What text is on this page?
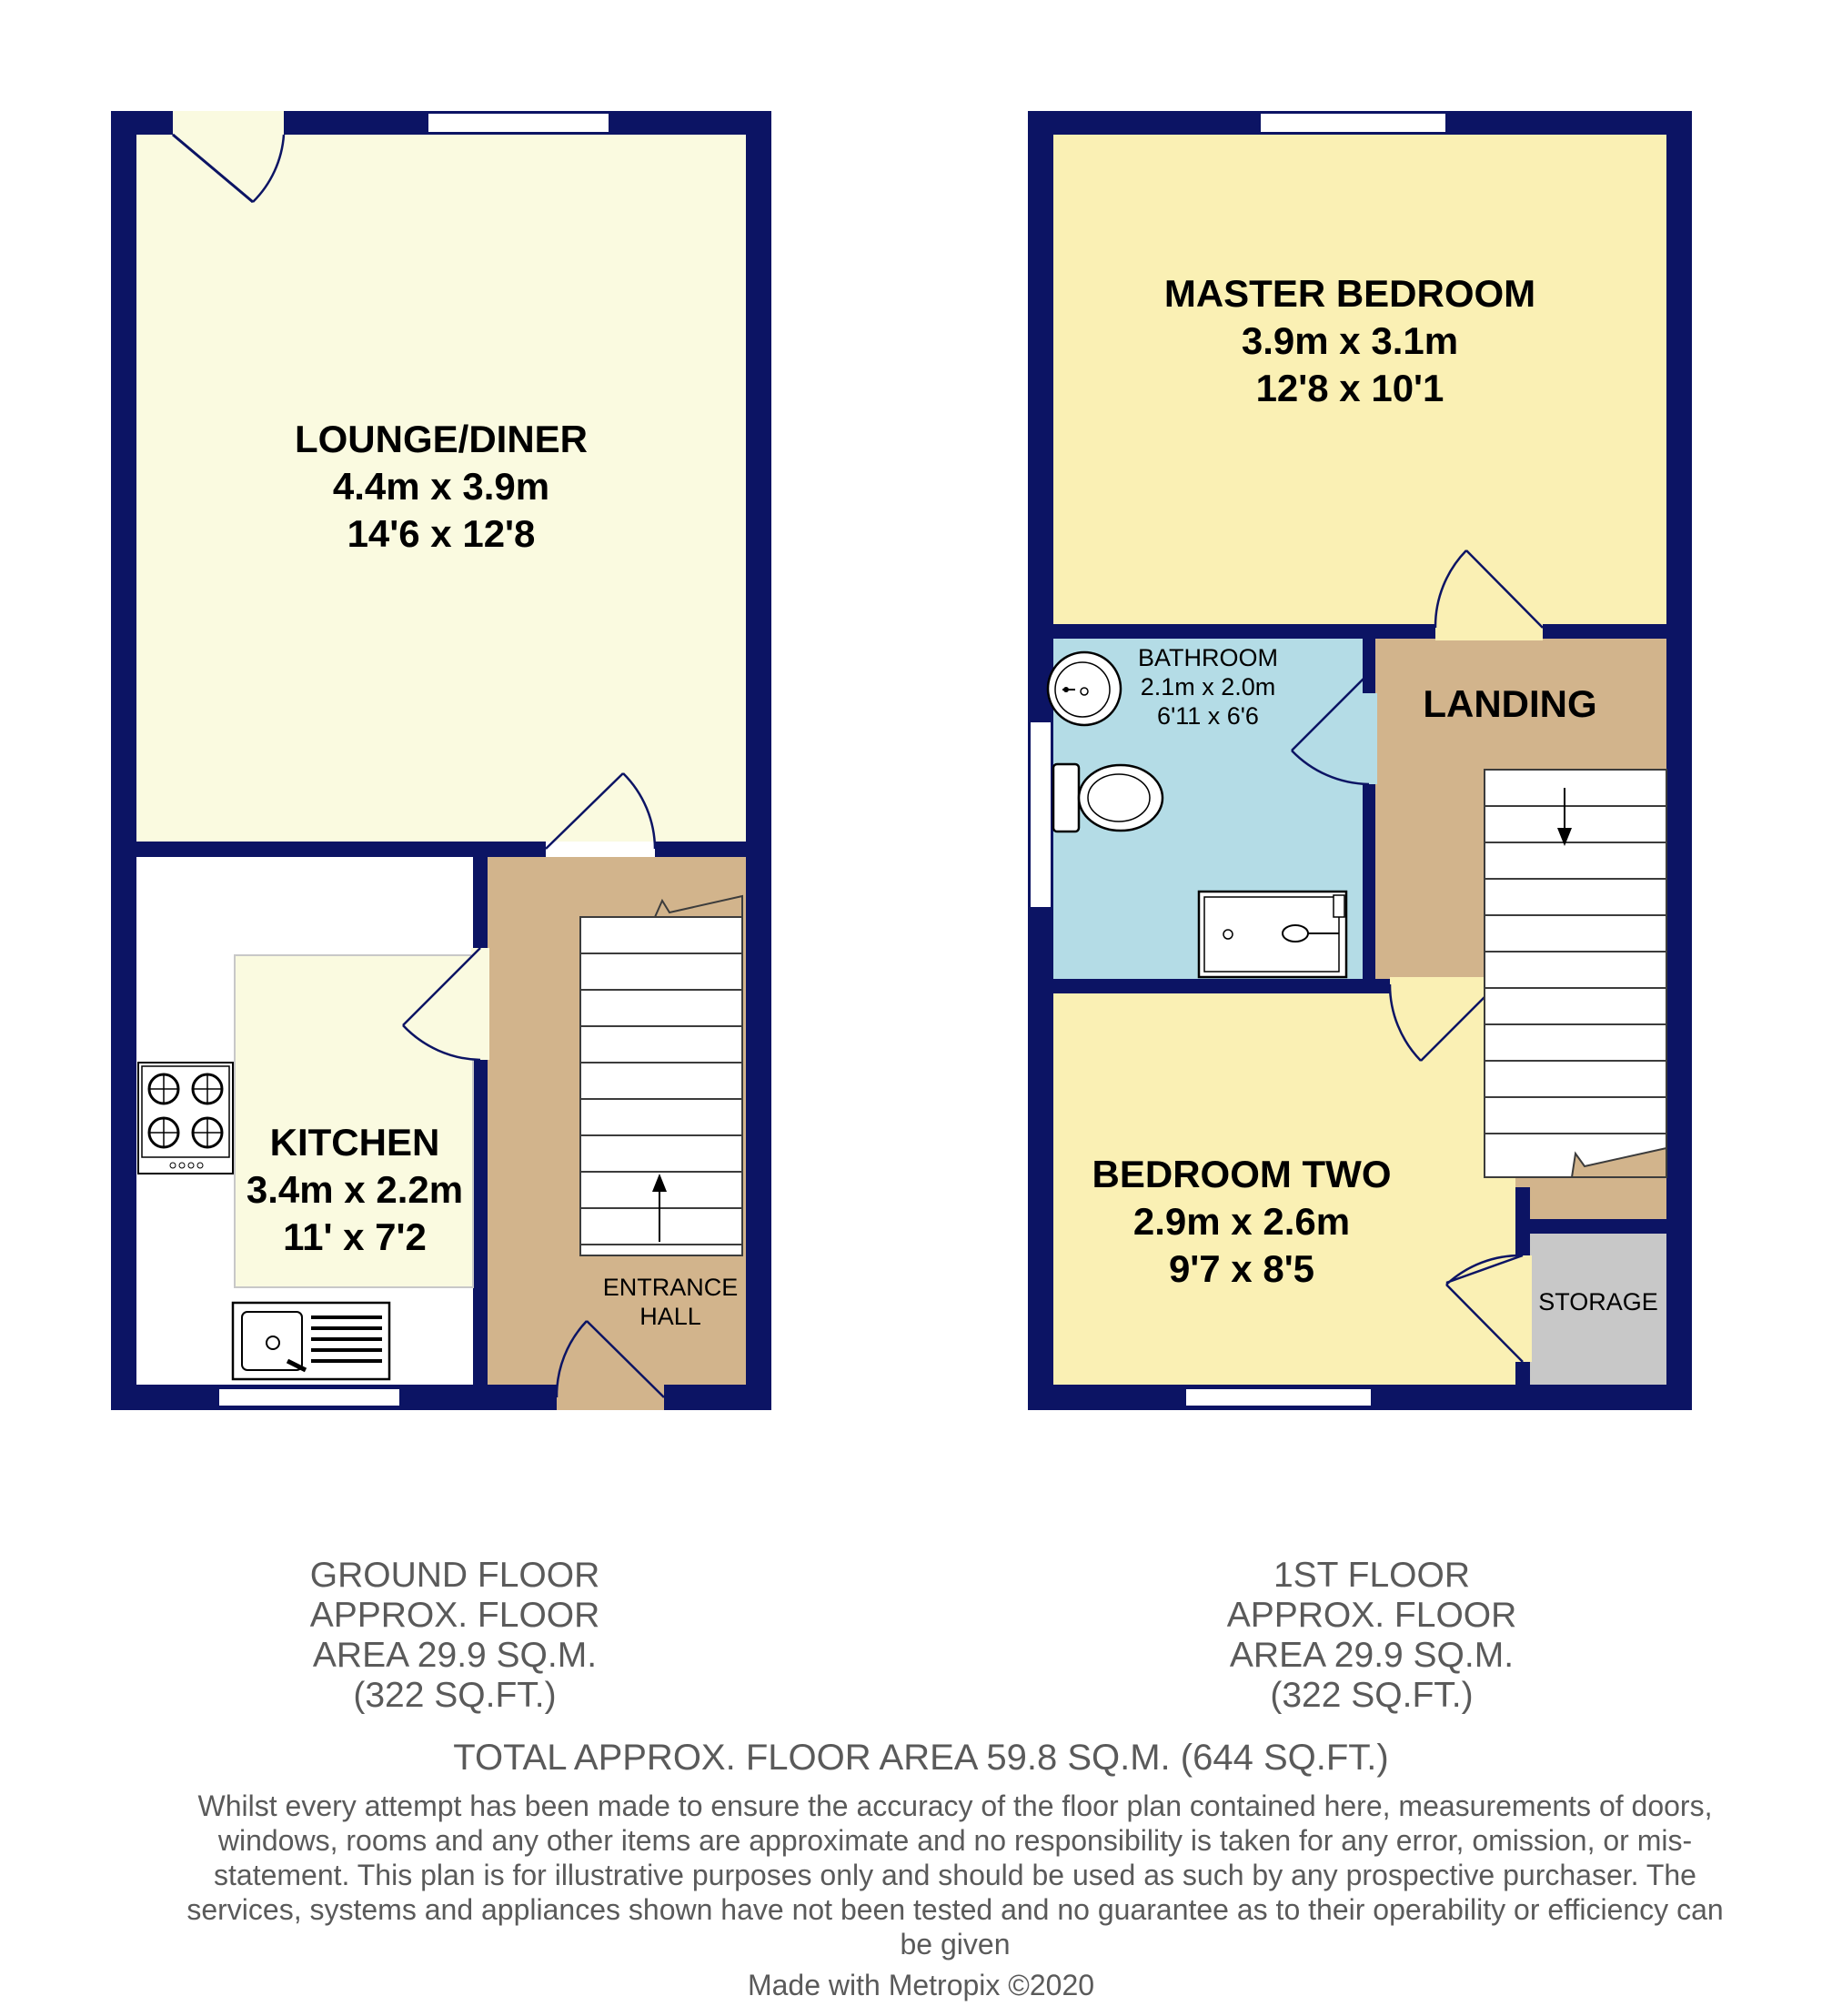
LOUNGE/DINER
4.4m x 3.9m
14'6 x 12'8
KITCHEN
3.4m x 2.2m
11' x 7'2
ENTRANCE
HALL
MASTER BEDROOM
3.9m x 3.1m
12'8 x 10'1
BATHROOM
2.1m x 2.0m
6'11 x 6'6	LANDING
BEDROOM TWO
2.9m x 2.6m
9'7 x 8'5
STORAGE
GROUND FLOOR
APPROX. FLOOR
AREA 29.9 SQ.M.
(322 SQ.FT.)
1ST FLOOR
APPROX. FLOOR
AREA 29.9 SQ.M.
(322 SQ.FT.)
TOTAL APPROX. FLOOR AREA 59.8 SQ.M. (644 SQ.FT.)
Whilst every attempt has been made to ensure the accuracy of the floor plan contained here, measurements of doors, windows, rooms and any other items are approximate and no responsibility is taken for any error, omission, or mis-statement. This plan is for illustrative purposes only and should be used as such by any prospective purchaser. The services, systems and appliances shown have not been tested and no guarantee as to their operability or efficiency can be given
Made with Metropix ©2020
